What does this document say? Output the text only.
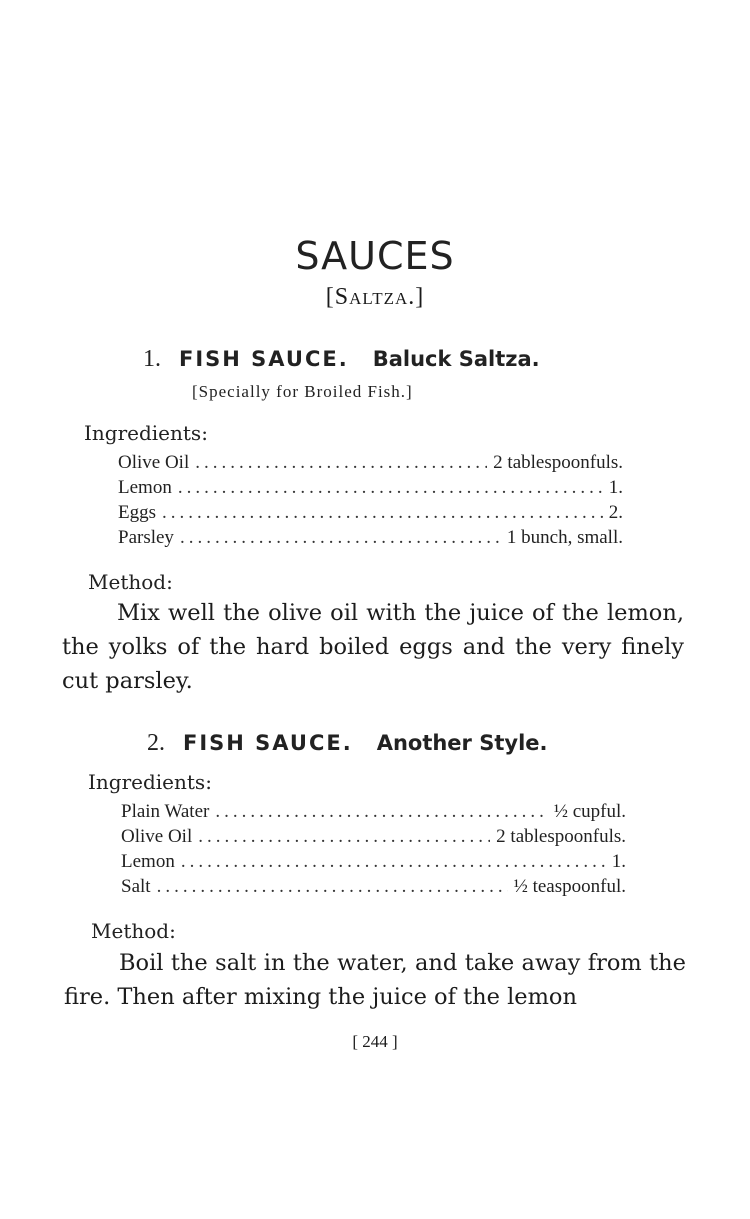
SAUCES
[Saltza.]
1. FISH SAUCE. Baluck Saltza.
[Specially for Broiled Fish.]
Ingredients:
Olive Oil .....	2 tablespoonfuls.
Lemon .....	1.
Eggs .....	2.
Parsley .....	1 bunch, small.
Method:
Mix well the olive oil with the juice of the lemon, the yolks of the hard boiled eggs and the very finely cut parsley.
2. FISH SAUCE. Another Style.
Ingredients:
Plain Water .....	½ cupful.
Olive Oil .....	2 tablespoonfuls.
Lemon .....	1.
Salt .....	½ teaspoonful.
Method:
Boil the salt in the water, and take away from the fire. Then after mixing the juice of the lemon
[ 244 ]
